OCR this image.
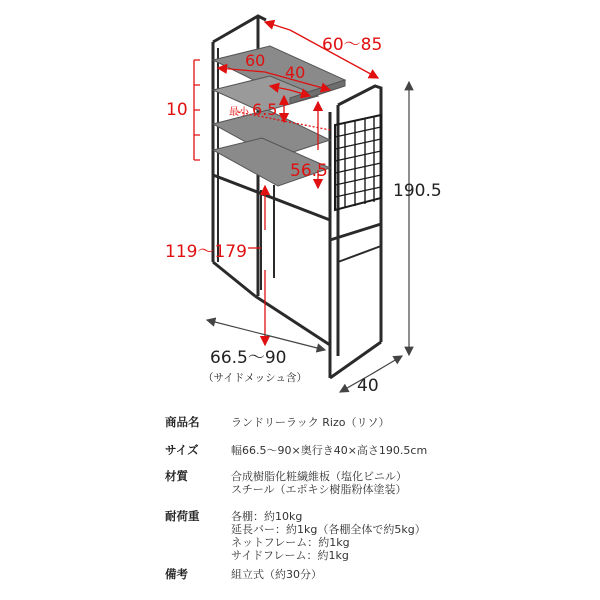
60
60～85
40
10	最小 6.5
56.5
190.5
119～179
66.5～90
（サイドメッシュ含）	40
商品名	ランドリーラック Rizo（リソ）
サイズ	幅66.5～90×奥行き40×高さ190.5cm
材質	合成樹脂化粧繊維板（塩化ビニル）
スチール（エポキシ樹脂粉体塗装）
耐荷重	各棚：約10kg
延長バー：約1kg（各棚全体で約5kg）
ネットフレーム：約1kg
サイドフレーム：約1kg
備考	組立式（約30分）
